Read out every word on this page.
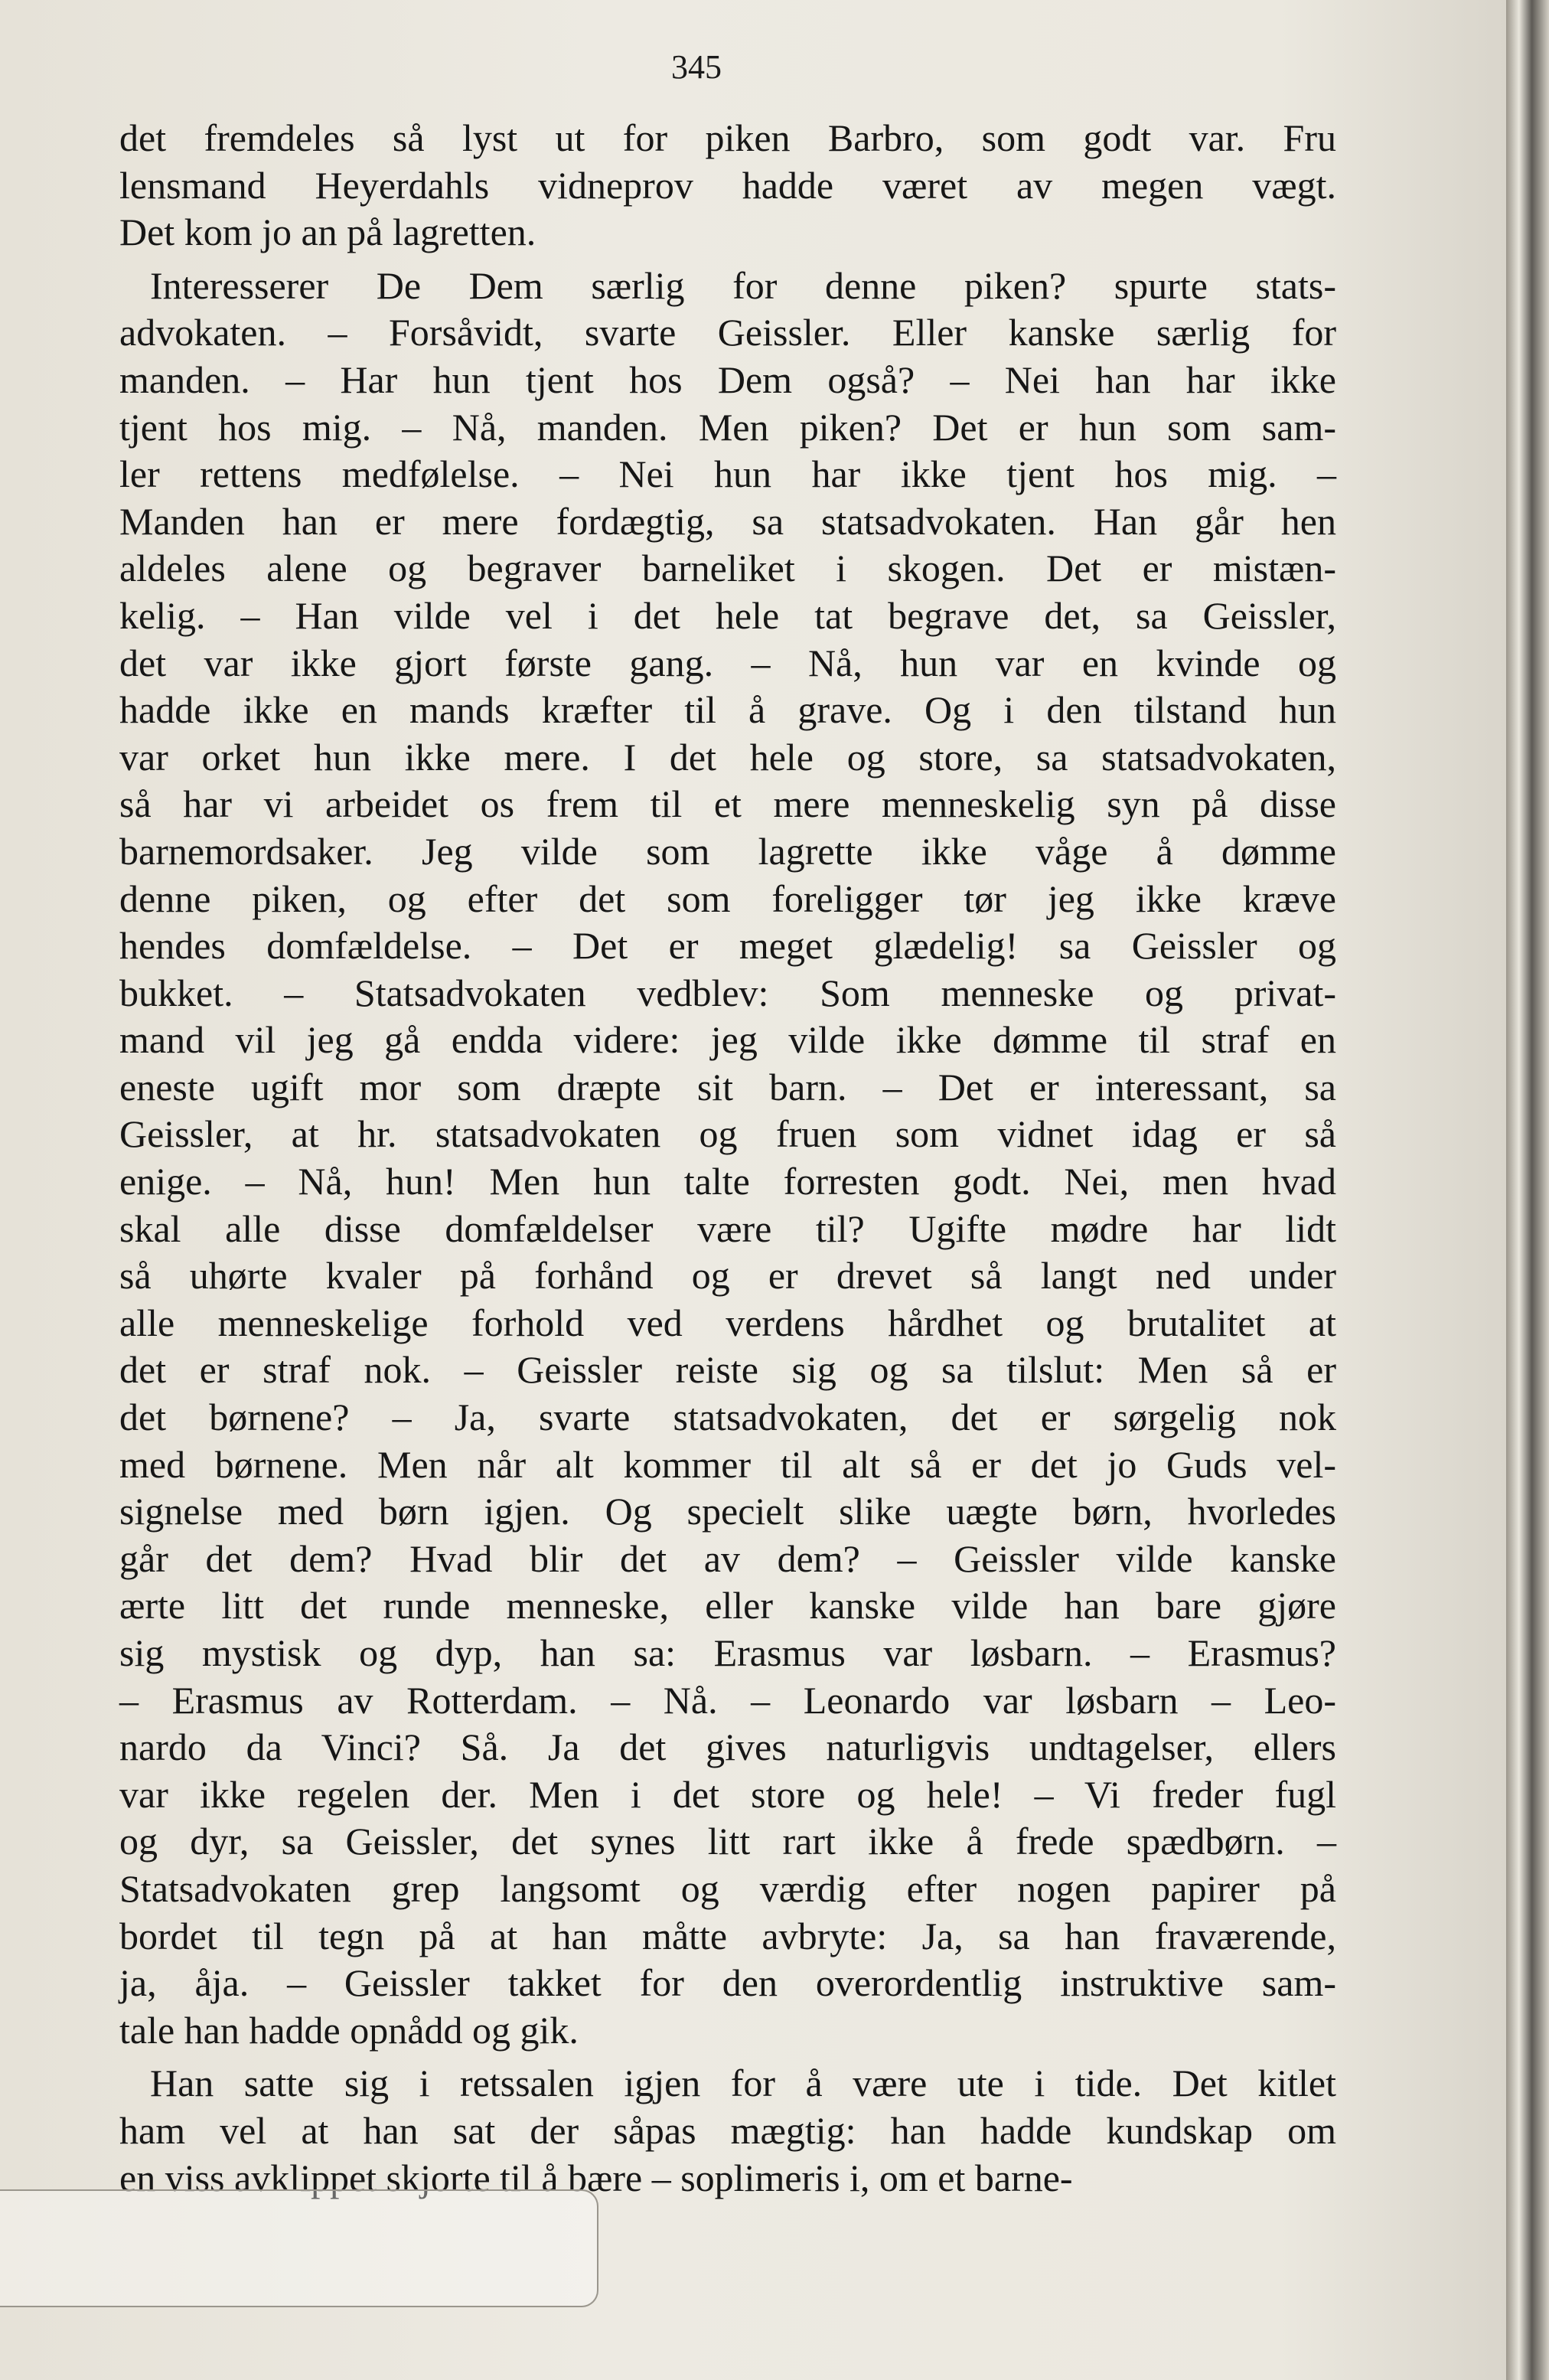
345
det fremdeles så lyst ut for piken Barbro, som godt var. Fru
lensmand Heyerdahls vidneprov hadde været av megen vægt.
Det kom jo an på lagretten.
Interesserer De Dem særlig for denne piken? spurte stats-
advokaten. – Forsåvidt, svarte Geissler. Eller kanske særlig for
manden. – Har hun tjent hos Dem også? – Nei han har ikke
tjent hos mig. – Nå, manden. Men piken? Det er hun som sam-
ler rettens medfølelse. – Nei hun har ikke tjent hos mig. –
Manden han er mere fordægtig, sa statsadvokaten. Han går hen
aldeles alene og begraver barneliket i skogen. Det er mistæn-
kelig. – Han vilde vel i det hele tat begrave det, sa Geissler,
det var ikke gjort første gang. – Nå, hun var en kvinde og
hadde ikke en mands kræfter til å grave. Og i den tilstand hun
var orket hun ikke mere. I det hele og store, sa statsadvokaten,
så har vi arbeidet os frem til et mere menneskelig syn på disse
barnemordsaker. Jeg vilde som lagrette ikke våge å dømme
denne piken, og efter det som foreligger tør jeg ikke kræve
hendes domfældelse. – Det er meget glædelig! sa Geissler og
bukket. – Statsadvokaten vedblev: Som menneske og privat-
mand vil jeg gå endda videre: jeg vilde ikke dømme til straf en
eneste ugift mor som dræpte sit barn. – Det er interessant, sa
Geissler, at hr. statsadvokaten og fruen som vidnet idag er så
enige. – Nå, hun! Men hun talte forresten godt. Nei, men hvad
skal alle disse domfældelser være til? Ugifte mødre har lidt
så uhørte kvaler på forhånd og er drevet så langt ned under
alle menneskelige forhold ved verdens hårdhet og brutalitet at
det er straf nok. – Geissler reiste sig og sa tilslut: Men så er
det børnene? – Ja, svarte statsadvokaten, det er sørgelig nok
med børnene. Men når alt kommer til alt så er det jo Guds vel-
signelse med børn igjen. Og specielt slike uægte børn, hvorledes
går det dem? Hvad blir det av dem? – Geissler vilde kanske
ærte litt det runde menneske, eller kanske vilde han bare gjøre
sig mystisk og dyp, han sa: Erasmus var løsbarn. – Erasmus?
– Erasmus av Rotterdam. – Nå. – Leonardo var løsbarn – Leo-
nardo da Vinci? Så. Ja det gives naturligvis undtagelser, ellers
var ikke regelen der. Men i det store og hele! – Vi freder fugl
og dyr, sa Geissler, det synes litt rart ikke å frede spædbørn. –
Statsadvokaten grep langsomt og værdig efter nogen papirer på
bordet til tegn på at han måtte avbryte: Ja, sa han fraværende,
ja, åja. – Geissler takket for den overordentlig instruktive sam-
tale han hadde opnådd og gik.
Han satte sig i retssalen igjen for å være ute i tide. Det kitlet
ham vel at han sat der såpas mægtig: han hadde kundskap om
en viss avklippet skjorte til å bære – soplimeris i, om et barne-
